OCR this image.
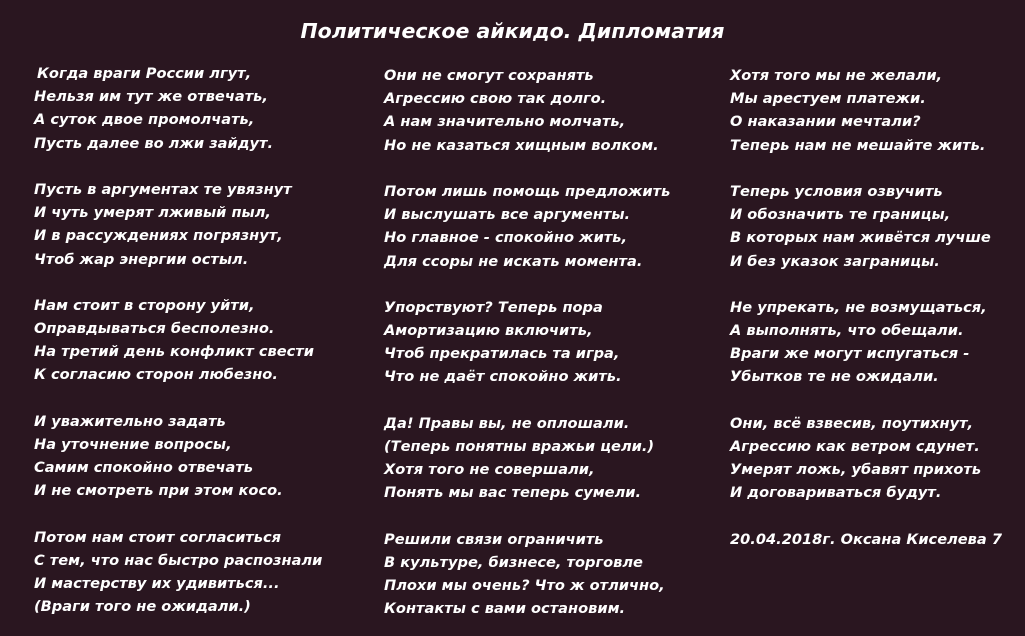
Политическое айкидо. Дипломатия
Когда враги России лгут,
Нельзя им тут же отвечать,
А суток двое промолчать,
Пусть далее во лжи зайдут.
Пусть в аргументах те увязнут
И чуть умерят лживый пыл,
И в рассуждениях погрязнут,
Чтоб жар энергии остыл.
Нам стоит в сторону уйти,
Оправдываться бесполезно.
На третий день конфликт свести
К согласию сторон любезно.
И уважительно задать
На уточнение вопросы,
Самим спокойно отвечать
И не смотреть при этом косо.
Потом нам стоит согласиться
С тем, что нас быстро распознали
И мастерству их удивиться...
(Враги того не ожидали.)
Они не смогут сохранять
Агрессию свою так долго.
А нам значительно молчать,
Но не казаться хищным волком.
Потом лишь помощь предложить
И выслушать все аргументы.
Но главное - спокойно жить,
Для ссоры не искать момента.
Упорствуют? Теперь пора
Амортизацию включить,
Чтоб прекратилась та игра,
Что не даёт спокойно жить.
Да! Правы вы, не оплошали.
(Теперь понятны вражьи цели.)
Хотя того не совершали,
Понять мы вас теперь сумели.
Решили связи ограничить
В культуре, бизнесе, торговле
Плохи мы очень? Что ж отлично,
Контакты с вами остановим.
Хотя того мы не желали,
Мы арестуем платежи.
О наказании мечтали?
Теперь нам не мешайте жить.
Теперь условия озвучить
И обозначить те границы,
В которых нам живётся лучше
И без указок заграницы.
Не упрекать, не возмущаться,
А выполнять, что обещали.
Враги же могут испугаться -
Убытков те не ожидали.
Они, всё взвесив, поутихнут,
Агрессию как ветром сдунет.
Умерят ложь, убавят прихоть
И договариваться будут.
20.04.2018г. Оксана Киселева 7
